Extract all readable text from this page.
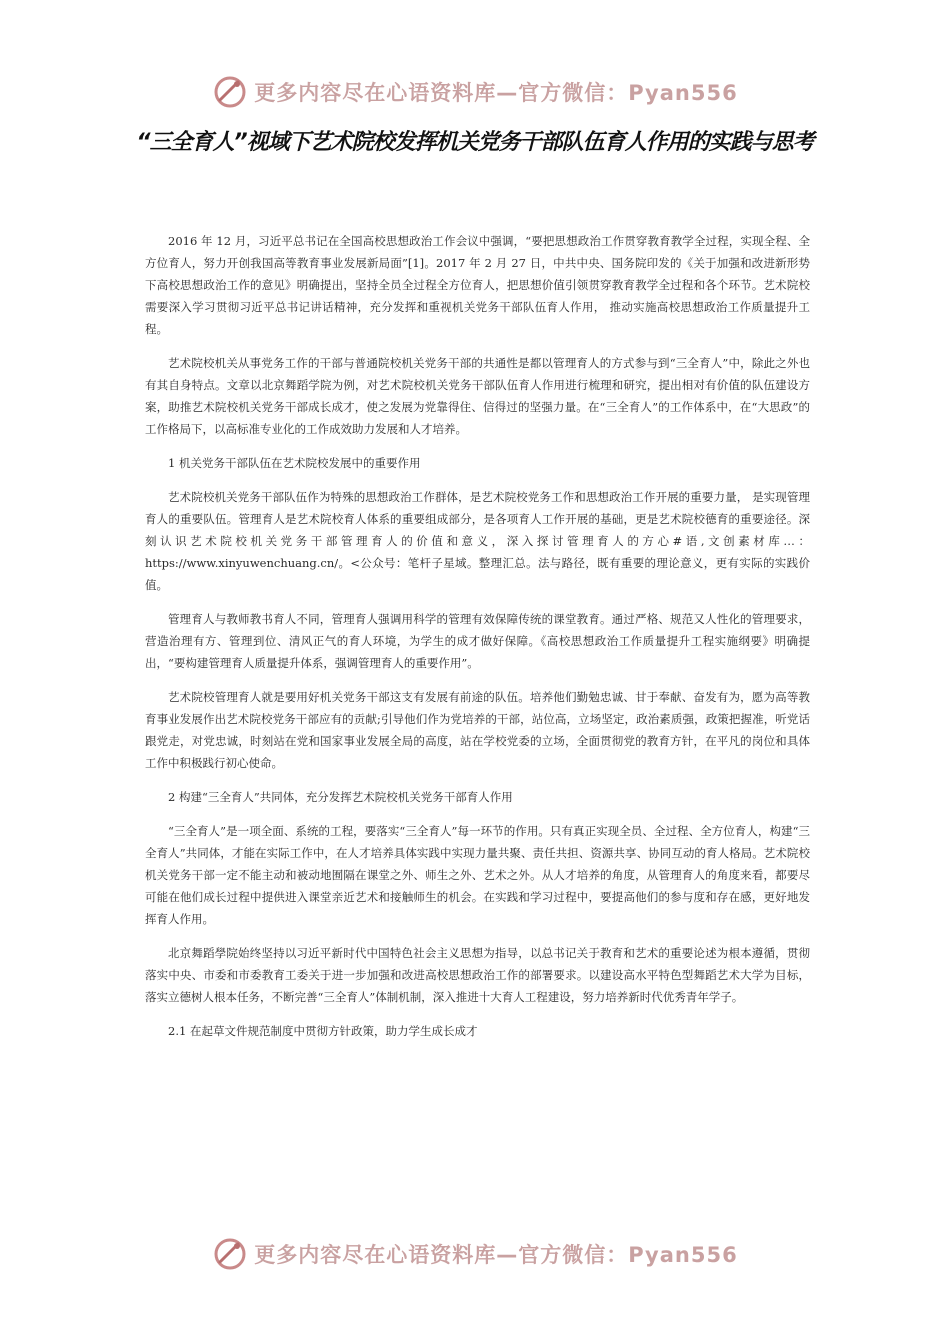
更多内容尽在心语资料库—官方微信：Pyan556
“三全育人”视域下艺术院校发挥机关党务干部队伍育人作用的实践与思考

2016 年 12 月，习近平总书记在全国高校思想政治工作会议中强调，“要把思想政治工作贯穿教育教学全过程，实现全程、全方位育人，努力开创我国高等教育事业发展新局面”[1]。2017 年 2 月 27 日，中共中央、国务院印发的《关于加强和改进新形势下高校思想政治工作的意见》明确提出，坚持全员全过程全方位育人，把思想价值引领贯穿教育教学全过程和各个环节。艺术院校需要深入学习贯彻习近平总书记讲话精神，充分发挥和重视机关党务干部队伍育人作用， 推动实施高校思想政治工作质量提升工程。

艺术院校机关从事党务工作的干部与普通院校机关党务干部的共通性是都以管理育人的方式参与到“三全育人”中，除此之外也有其自身特点。文章以北京舞蹈学院为例，对艺术院校机关党务干部队伍育人作用进行梳理和研究，提出相对有价值的队伍建设方案，助推艺术院校机关党务干部成长成才，使之发展为党靠得住、信得过的坚强力量。在“三全育人”的工作体系中，在“大思政”的工作格局下，以高标准专业化的工作成效助力发展和人才培养。

1 机关党务干部队伍在艺术院校发展中的重要作用

艺术院校机关党务干部队伍作为特殊的思想政治工作群体，是艺术院校党务工作和思想政治工作开展的重要力量， 是实现管理育人的重要队伍。管理育人是艺术院校育人体系的重要组成部分，是各项育人工作开展的基础，更是艺术院校德育的重要途径。深刻认识艺术院校机关党务干部管理育人的价值和意义，深入探讨管理育人的方心#语,文创素材库…：https://www.xinyuwenchuang.cn/。<公众号：笔杆子星域。整理汇总。法与路径，既有重要的理论意义，更有实际的实践价值。

管理育人与教师教书育人不同，管理育人强调用科学的管理有效保障传统的课堂教育。通过严格、规范又人性化的管理要求，营造治理有方、管理到位、清风正气的育人环境，为学生的成才做好保障。《高校思想政治工作质量提升工程实施纲要》明确提出，“要构建管理育人质量提升体系，强调管理育人的重要作用”。

艺术院校管理育人就是要用好机关党务干部这支有发展有前途的队伍。培养他们勤勉忠诚、甘于奉献、奋发有为，愿为高等教育事业发展作出艺术院校党务干部应有的贡献;引导他们作为党培养的干部，站位高，立场坚定，政治素质强，政策把握准，听党话跟党走，对党忠诚，时刻站在党和国家事业发展全局的高度，站在学校党委的立场，全面贯彻党的教育方针，在平凡的岗位和具体工作中积极践行初心使命。

2 构建“三全育人”共同体，充分发挥艺术院校机关党务干部育人作用

“三全育人”是一项全面、系统的工程，要落实“三全育人”每一环节的作用。只有真正实现全员、全过程、全方位育人，构建“三全育人”共同体，才能在实际工作中，在人才培养具体实践中实现力量共聚、责任共担、资源共享、协同互动的育人格局。艺术院校机关党务干部一定不能主动和被动地囿隔在课堂之外、师生之外、艺术之外。从人才培养的角度，从管理育人的角度来看，都要尽可能在他们成长过程中提供进入课堂亲近艺术和接触师生的机会。在实践和学习过程中，要提高他们的参与度和存在感，更好地发挥育人作用。

北京舞蹈學院始终坚持以习近平新时代中国特色社会主义思想为指导，以总书记关于教育和艺术的重要论述为根本遵循，贯彻落实中央、市委和市委教育工委关于进一步加强和改进高校思想政治工作的部署要求。以建设高水平特色型舞蹈艺术大学为目标，落实立德树人根本任务，不断完善“三全育人”体制机制，深入推进十大育人工程建设，努力培养新时代优秀青年学子。

2.1 在起草文件规范制度中贯彻方针政策，助力学生成长成才

更多内容尽在心语资料库—官方微信：Pyan556
